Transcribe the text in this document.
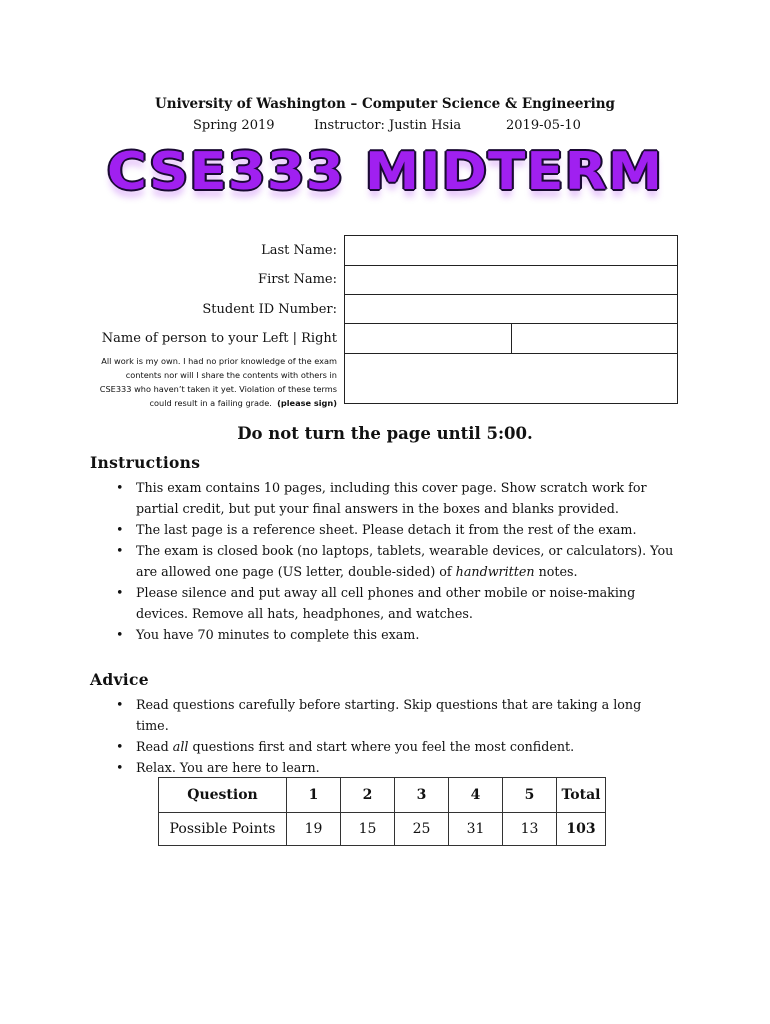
University of Washington – Computer Science & Engineering
Spring 2019	Instructor: Justin Hsia	2019-05-10
CSE333 MIDTERM
Last Name:
First Name:
Student ID Number:
Name of person to your Left | Right
All work is my own. I had no prior knowledge of the exam
contents nor will I share the contents with others in
CSE333 who haven’t taken it yet. Violation of these terms
could result in a failing grade. (please sign)
Do not turn the page until 5:00.
Instructions
• This exam contains 10 pages, including this cover page. Show scratch work for partial credit, but put your final answers in the boxes and blanks provided.
• The last page is a reference sheet. Please detach it from the rest of the exam.
• The exam is closed book (no laptops, tablets, wearable devices, or calculators). You are allowed one page (US letter, double-sided) of handwritten notes.
• Please silence and put away all cell phones and other mobile or noise-making devices. Remove all hats, headphones, and watches.
• You have 70 minutes to complete this exam.
Advice
• Read questions carefully before starting. Skip questions that are taking a long time.
• Read all questions first and start where you feel the most confident.
• Relax. You are here to learn.
Question	1	2	3	4	5	Total
Possible Points	19	15	25	31	13	103
